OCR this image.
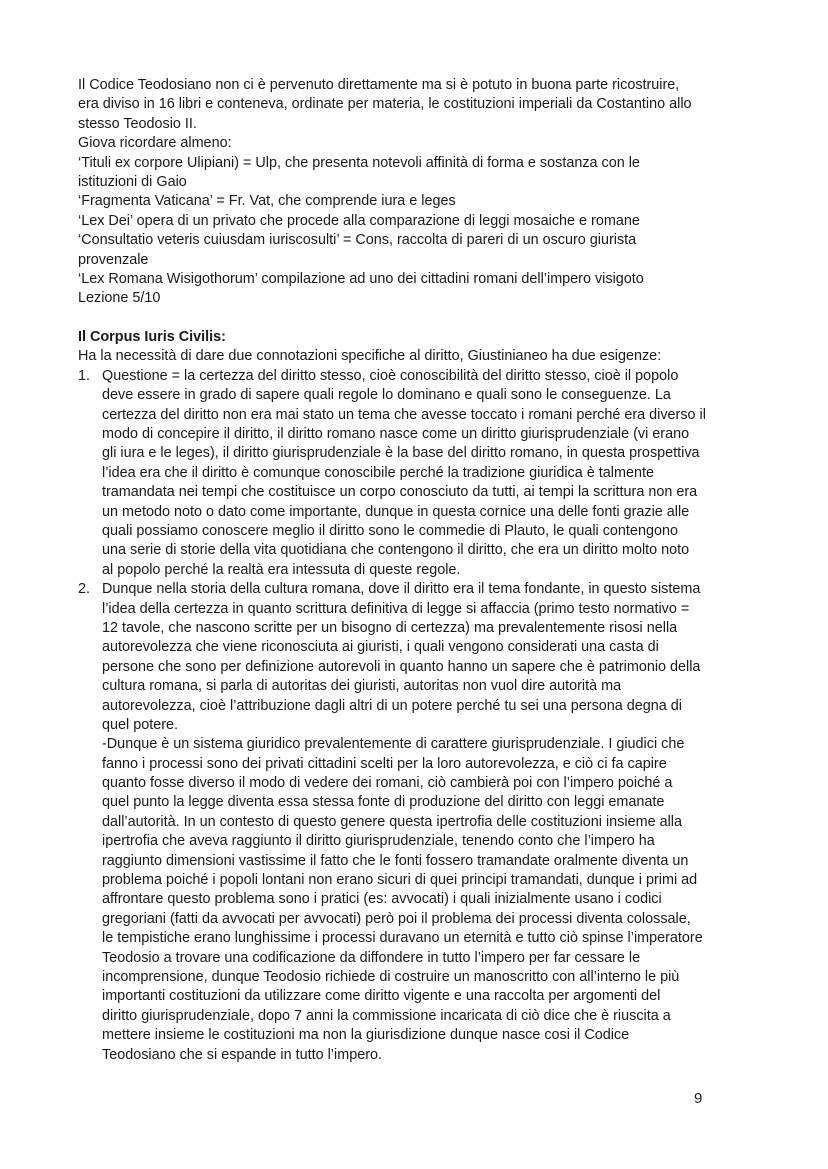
Il Codice Teodosiano non ci è pervenuto direttamente ma si è potuto in buona parte ricostruire,
era diviso in 16 libri e conteneva, ordinate per materia, le costituzioni imperiali da Costantino allo
stesso Teodosio II.
Giova ricordare almeno:
‘Tituli ex corpore Ulipiani) = Ulp, che presenta notevoli affinità di forma e sostanza con le
istituzioni di Gaio
‘Fragmenta Vaticana’ = Fr. Vat, che comprende iura e leges
‘Lex Dei’ opera di un privato che procede alla comparazione di leggi mosaiche e romane
‘Consultatio veteris cuiusdam iuriscosulti’ = Cons, raccolta di pareri di un oscuro giurista
provenzale
‘Lex Romana Wisigothorum’ compilazione ad uno dei cittadini romani dell’impero visigoto
Lezione 5/10
Il Corpus Iuris Civilis:
Ha la necessità di dare due connotazioni specifiche al diritto, Giustinianeo ha due esigenze:
1. Questione = la certezza del diritto stesso, cioè conoscibilità del diritto stesso, cioè il popolo
deve essere in grado di sapere quali regole lo dominano e quali sono le conseguenze. La
certezza del diritto non era mai stato un tema che avesse toccato i romani perché era diverso il
modo di concepire il diritto, il diritto romano nasce come un diritto giurisprudenziale (vi erano
gli iura e le leges), il diritto giurisprudenziale è la base del diritto romano, in questa prospettiva
l’idea era che il diritto è comunque conoscibile perché la tradizione giuridica è talmente
tramandata nei tempi che costituisce un corpo conosciuto da tutti, ai tempi la scrittura non era
un metodo noto o dato come importante, dunque in questa cornice una delle fonti grazie alle
quali possiamo conoscere meglio il diritto sono le commedie di Plauto, le quali contengono
una serie di storie della vita quotidiana che contengono il diritto, che era un diritto molto noto
al popolo perché la realtà era intessuta di queste regole.
2. Dunque nella storia della cultura romana, dove il diritto era il tema fondante, in questo sistema
l’idea della certezza in quanto scrittura definitiva di legge si affaccia (primo testo normativo =
12 tavole, che nascono scritte per un bisogno di certezza) ma prevalentemente risosi nella
autorevolezza che viene riconosciuta ai giuristi, i quali vengono considerati una casta di
persone che sono per definizione autorevoli in quanto hanno un sapere che è patrimonio della
cultura romana, si parla di autoritas dei giuristi, autoritas non vuol dire autorità ma
autorevolezza, cioè l’attribuzione dagli altri di un potere perché tu sei una persona degna di
quel potere.
-Dunque è un sistema giuridico prevalentemente di carattere giurisprudenziale. I giudici che
fanno i processi sono dei privati cittadini scelti per la loro autorevolezza, e ciò ci fa capire
quanto fosse diverso il modo di vedere dei romani, ciò cambierà poi con l’impero poiché a
quel punto la legge diventa essa stessa fonte di produzione del diritto con leggi emanate
dall’autorità. In un contesto di questo genere questa ipertrofia delle costituzioni insieme alla
ipertrofia che aveva raggiunto il diritto giurisprudenziale, tenendo conto che l’impero ha
raggiunto dimensioni vastissime il fatto che le fonti fossero tramandate oralmente diventa un
problema poiché i popoli lontani non erano sicuri di quei principi tramandati, dunque i primi ad
affrontare questo problema sono i pratici (es: avvocati) i quali inizialmente usano i codici
gregoriani (fatti da avvocati per avvocati) però poi il problema dei processi diventa colossale,
le tempistiche erano lunghissime i processi duravano un eternità e tutto ciò spinse l’imperatore
Teodosio a trovare una codificazione da diffondere in tutto l’impero per far cessare le
incomprensione, dunque Teodosio richiede di costruire un manoscritto con all’interno le più
importanti costituzioni da utilizzare come diritto vigente e una raccolta per argomenti del
diritto giurisprudenziale, dopo 7 anni la commissione incaricata di ciò dice che è riuscita a
mettere insieme le costituzioni ma non la giurisdizione dunque nasce cosi il Codice
Teodosiano che si espande in tutto l’impero.
9
